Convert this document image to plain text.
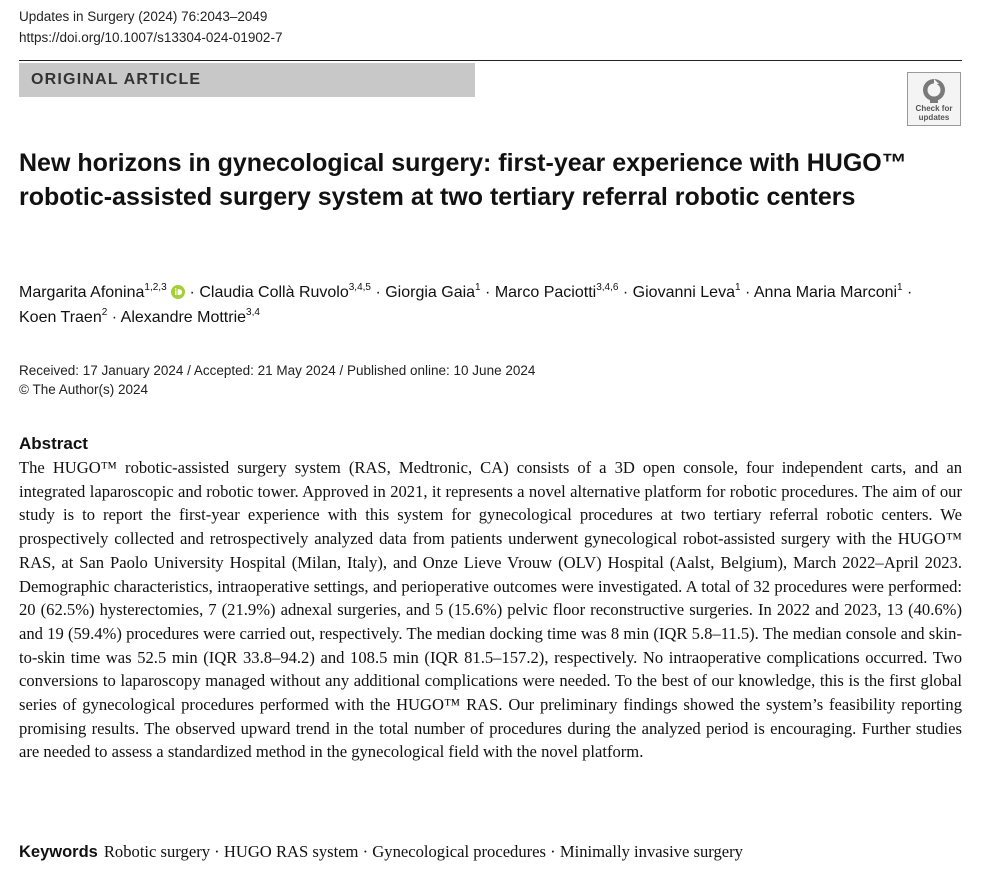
Updates in Surgery (2024) 76:2043–2049
https://doi.org/10.1007/s13304-024-01902-7
ORIGINAL ARTICLE
Check for
updates
New horizons in gynecological surgery: first-year experience with HUGO™ robotic-assisted surgery system at two tertiary referral robotic centers
Margarita Afonina$^{1,2,3}$  · Claudia Collà Ruvolo$^{3,4,5}$ · Giorgia Gaia$^1$ · Marco Paciotti$^{3,4,6}$ · Giovanni Leva$^1$ · Anna Maria Marconi$^1$ · Koen Traen$^2$ · Alexandre Mottrie$^{3,4}$
Received: 17 January 2024 / Accepted: 21 May 2024 / Published online: 10 June 2024
© The Author(s) 2024
Abstract

The HUGO™ robotic-assisted surgery system (RAS, Medtronic, CA) consists of a 3D open console, four independent carts, and an integrated laparoscopic and robotic tower. Approved in 2021, it represents a novel alternative platform for robotic procedures. The aim of our study is to report the first-year experience with this system for gynecological procedures at two tertiary referral robotic centers. We prospectively collected and retrospectively analyzed data from patients underwent gynecological robot-assisted surgery with the HUGO™ RAS, at San Paolo University Hospital (Milan, Italy), and Onze Lieve Vrouw (OLV) Hospital (Aalst, Belgium), March 2022–April 2023. Demographic characteristics, intraoperative settings, and perioperative outcomes were investigated. A total of 32 procedures were performed: 20 (62.5%) hysterectomies, 7 (21.9%) adnexal surgeries, and 5 (15.6%) pelvic floor reconstructive surgeries. In 2022 and 2023, 13 (40.6%) and 19 (59.4%) procedures were carried out, respectively. The median docking time was 8 min (IQR 5.8–11.5). The median console and skin-to-skin time was 52.5 min (IQR 33.8–94.2) and 108.5 min (IQR 81.5–157.2), respectively. No intraoperative complications occurred. Two conversions to laparoscopy managed without any additional complications were needed. To the best of our knowledge, this is the first global series of gynecological procedures performed with the HUGO™ RAS. Our preliminary findings showed the system’s feasibility reporting promising results. The observed upward trend in the total number of procedures during the analyzed period is encouraging. Further studies are needed to assess a standardized method in the gynecological field with the novel platform.

Keywords Robotic surgery · HUGO RAS system · Gynecological procedures · Minimally invasive surgery
